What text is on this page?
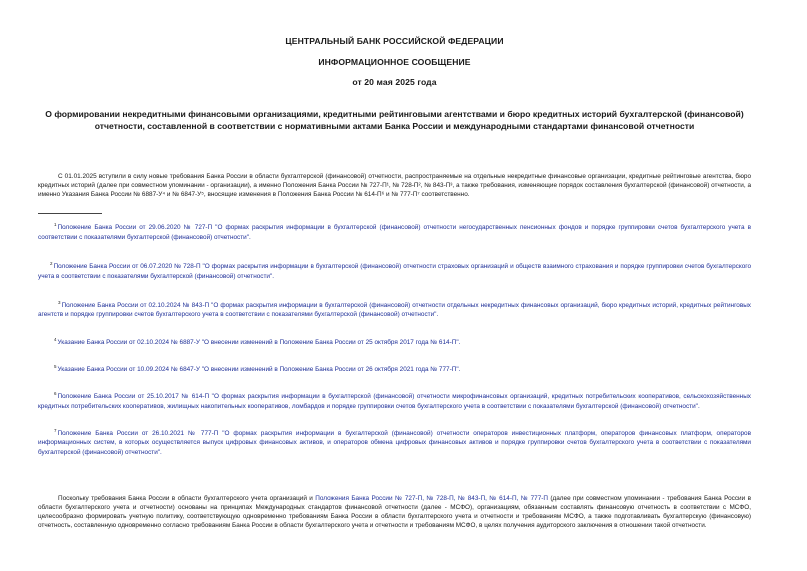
ЦЕНТРАЛЬНЫЙ БАНК РОССИЙСКОЙ ФЕДЕРАЦИИ
ИНФОРМАЦИОННОЕ СООБЩЕНИЕ
от 20 мая 2025 года
О формировании некредитными финансовыми организациями, кредитными рейтинговыми агентствами и бюро кредитных историй бухгалтерской (финансовой) отчетности, составленной в соответствии с нормативными актами Банка России и международными стандартами финансовой отчетности
С 01.01.2025 вступили в силу новые требования Банка России в области бухгалтерской (финансовой) отчетности, распространяемые на отдельные некредитные финансовые организации, кредитные рейтинговые агентства, бюро кредитных историй (далее при совместном упоминании - организации), а именно Положения Банка России № 727-П¹, № 728-П², № 843-П³, а также требования, изменяющие порядок составления бухгалтерской (финансовой) отчетности, а именно Указания Банка России № 6887-У⁴ и № 6847-У⁵, вносящие изменения в Положения Банка России № 614-П⁶ и № 777-П⁷ соответственно.
$^1$Положение Банка России от 29.06.2020 № 727-П "О формах раскрытия информации в бухгалтерской (финансовой) отчетности негосударственных пенсионных фондов и порядке группировки счетов бухгалтерского учета в соответствии с показателями бухгалтерской (финансовой) отчетности".
$^2$Положение Банка России от 06.07.2020 № 728-П "О формах раскрытия информации в бухгалтерской (финансовой) отчетности страховых организаций и обществ взаимного страхования и порядке группировки счетов бухгалтерского учета в соответствии с показателями бухгалтерской (финансовой) отчетности".
$^3$Положение Банка России от 02.10.2024 № 843-П "О формах раскрытия информации в бухгалтерской (финансовой) отчетности отдельных некредитных финансовых организаций, бюро кредитных историй, кредитных рейтинговых агентств и порядке группировки счетов бухгалтерского учета в соответствии с показателями бухгалтерской (финансовой) отчетности".
$^4$Указание Банка России от 02.10.2024 № 6887-У "О внесении изменений в Положение Банка России от 25 октября 2017 года № 614-П".
$^5$Указание Банка России от 10.09.2024 № 6847-У "О внесении изменений в Положение Банка России от 26 октября 2021 года № 777-П".
$^6$Положение Банка России от 25.10.2017 № 614-П "О формах раскрытия информации в бухгалтерской (финансовой) отчетности микрофинансовых организаций, кредитных потребительских кооперативов, сельскохозяйственных кредитных потребительских кооперативов, жилищных накопительных кооперативов, ломбардов и порядке группировки счетов бухгалтерского учета в соответствии с показателями бухгалтерской (финансовой) отчетности".
$^7$Положение Банка России от 26.10.2021 № 777-П "О формах раскрытия информации в бухгалтерской (финансовой) отчетности операторов инвестиционных платформ, операторов финансовых платформ, операторов информационных систем, в которых осуществляется выпуск цифровых финансовых активов, и операторов обмена цифровых финансовых активов и порядке группировки счетов бухгалтерского учета в соответствии с показателями бухгалтерской (финансовой) отчетности".
Поскольку требования Банка России в области бухгалтерского учета организаций и Положения Банка России № 727-П, № 728-П, № 843-П, № 614-П, № 777-П (далее при совместном упоминании - требования Банка России в области бухгалтерского учета и отчетности) основаны на принципах Международных стандартов финансовой отчетности (далее - МСФО), организациям, обязанным составлять финансовую отчетность в соответствии с МСФО, целесообразно формировать учетную политику, соответствующую одновременно требованиям Банка России в области бухгалтерского учета и отчетности и требованиям МСФО, а также подготавливать бухгалтерскую (финансовую) отчетность, составленную одновременно согласно требованиям Банка России в области бухгалтерского учета и отчетности и требованиям МСФО, в целях получения аудиторского заключения в отношении такой отчетности.
